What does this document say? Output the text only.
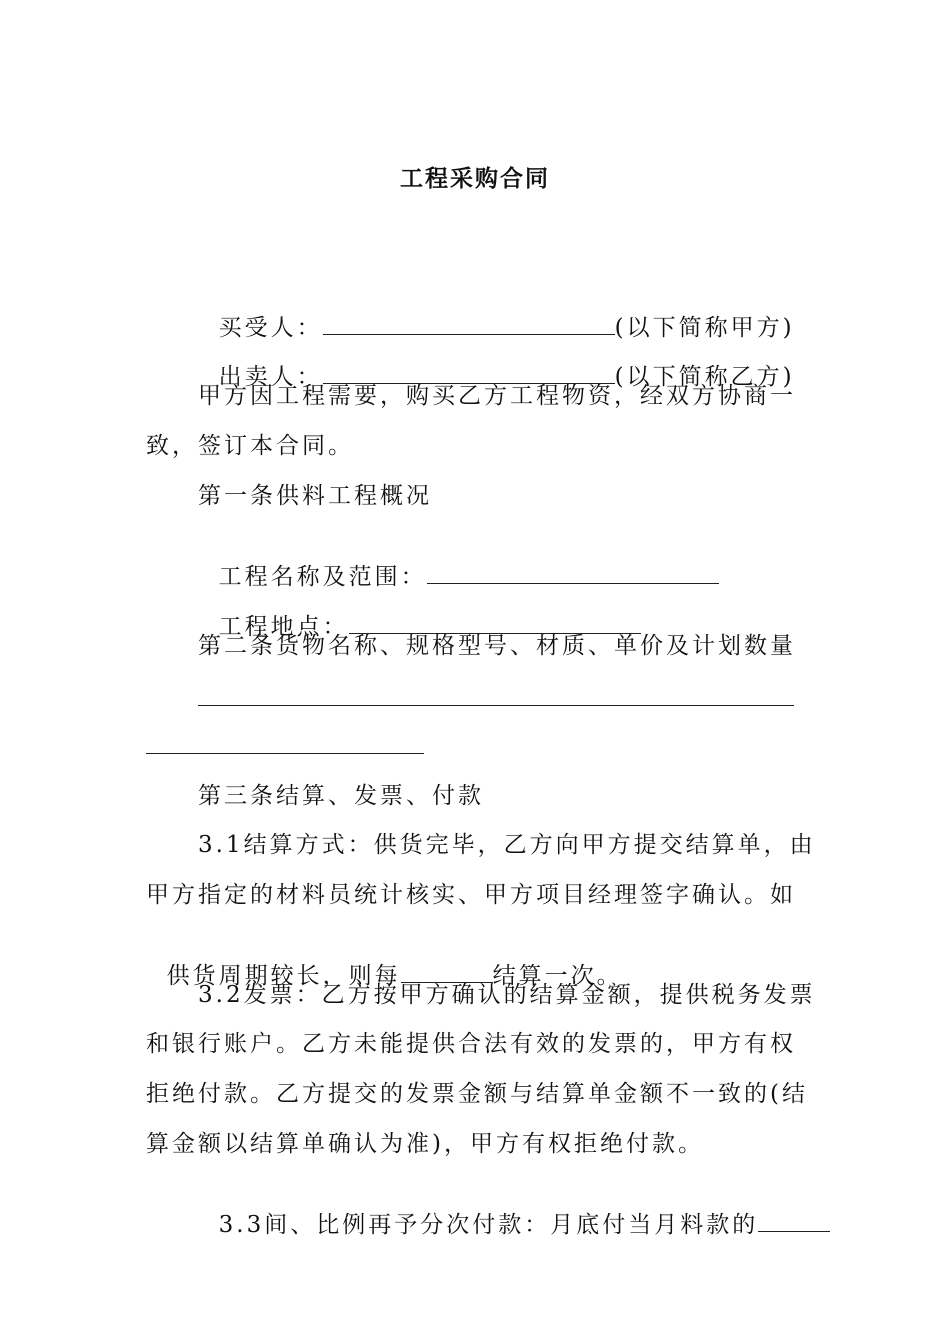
工程采购合同

买受人：	(以下简称甲方)

出卖人：	(以下简称乙方)

甲方因工程需要，购买乙方工程物资，经双方协商一
致，签订本合同。
第一条供料工程概况

工程名称及范围：

工程地点：

第二条货物名称、规格型号、材质、单价及计划数量
第三条结算、发票、付款
3.1结算方式：供货完毕，乙方向甲方提交结算单，由
甲方指定的材料员统计核实、甲方项目经理签字确认。如

供货周期较长，则每	结算一次。

3.2发票：乙方按甲方确认的结算金额，提供税务发票
和银行账户。乙方未能提供合法有效的发票的，甲方有权
拒绝付款。乙方提交的发票金额与结算单金额不一致的(结
算金额以结算单确认为准)，甲方有权拒绝付款。

3.3间、比例再予分次付款：月底付当月料款的
